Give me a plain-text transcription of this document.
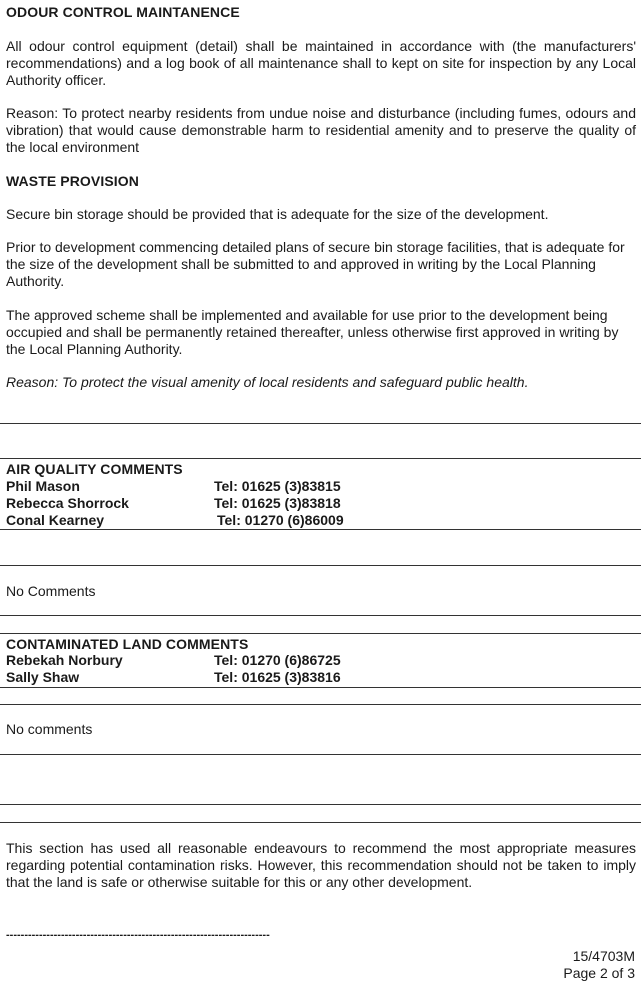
ODOUR CONTROL MAINTANENCE
All odour control equipment (detail) shall be maintained in accordance with (the manufacturers' recommendations) and a log book of all maintenance shall to kept on site for inspection by any Local Authority officer.
Reason: To protect nearby residents from undue noise and disturbance (including fumes, odours and vibration) that would cause demonstrable harm to residential amenity and to preserve the quality of the local environment
WASTE PROVISION
Secure bin storage should be provided that is adequate for the size of the development.
Prior to development commencing detailed plans of secure bin storage facilities, that is adequate for the size of the development shall be submitted to and approved in writing by the Local Planning Authority.
The approved scheme shall be implemented and available for use prior to the development being occupied and shall be permanently retained thereafter, unless otherwise first approved in writing by the Local Planning Authority.
Reason: To protect the visual amenity of local residents and safeguard public health.
AIR QUALITY COMMENTS
Phil Mason	Tel: 01625 (3)83815
Rebecca Shorrock	Tel: 01625 (3)83818
Conal Kearney	Tel: 01270 (6)86009
No Comments
CONTAMINATED LAND COMMENTS
Rebekah Norbury	Tel: 01270 (6)86725
Sally Shaw	Tel: 01625 (3)83816
No comments
This section has used all reasonable endeavours to recommend the most appropriate measures regarding potential contamination risks. However, this recommendation should not be taken to imply that the land is safe or otherwise suitable for this or any other development.
------------------------------------------------------------------------
15/4703M
Page 2 of 3
